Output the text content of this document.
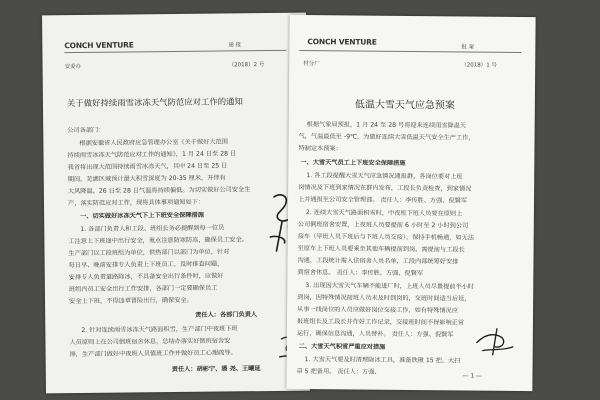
CONCH VENTURE	通 报
安委办	（2018）2 号
关于做好持续雨雪冰冻天气防范应对工作的通知
公司各部门：
根据安徽省人民政府应急管理办公室《关于做好大范围
持续雨雪冰冻天气防范应对工作的通知》，1 月 24 日至 28 日
我省将出现大范围持续雨雪冰冻天气，其中 24 日至 25 日
期间，芜湖区域预计最大积雪深度为 20-35 厘米，并伴有
大风降温、26 日至 28 日气温将持续偏低。为切实做好公司安全生
产，落实防范应对工作，现将具体事项通知如下：
一、切实做好冰冻天气下上下班安全保障措施
1. 各部门负责人和工段、班组长务必提醒到每一位员
工注意上下班途中出行安全，重点注意防寒防冻，确保员工安全。
生产部门以工段班组为单位，供热部门以部门为单位，针对
每日早、晚前安排专人负责上下班员工，及时排查问题，
安排专人负责道路除冰，不具备安全出行条件时，应做好
班组内员工安全出行工作安排，各部门一定要确保员工
安全上下班，不得违章冒险出行，确保安全。
责任人：各部门负责人
2. 针对连续雨雪冰冻天气路面积雪，生产部门中夜班下班
人员原则上在公司倒班宿舍休息，总结办落实好倒班宿舍安
排，生产部门做好中夜班人员值班工作并做好员工心理疏导。
责任人：胡彬宁、潘 尧、王曦延
CONCH VENTURE
报 案
材分厂	（2018）1 号
低温大雪天气应急预案
根据气象局预报，1 月 24 至 28 号将迎来连续雨雪降温天
气，气温最低至 -9℃，为做好连续大雪低温天气安全生产工作，
特制定本预案：
一、大雪天气员工上下班安全保障措施
1. 各工段提醒大雪天气应急情况通报群，各岗位要对上班
岗情况及下班到家情况在群内发布，工段长负责检查，到家情况
上并通报至公司安全管理部。 责任人：李传胜、方强、倪賢军
2. 连续大雪天气路面积雪时，中夜班下班人员要在原则上
公司倒班宿舍安置，上夜班人员要提前 6 小时至 2 小时到公司
接车（早班人员下班后与下班人员交接），保持手机畅通，如无法
至原车上下班人员要乘坐其他车辆提前到岗，需提前与工段长
沟通，工段统计需入住宿舍人员名单，工段内部统筹好安排
到宿舍休息。 责任人：李传胜、方强、倪賢军
3. 出现因大雪天气车辆不能进厂时，上班人员尽量提前半小时
到岗，因特殊情况接班人员未及时到岗的，交班时间适当后延，
从事一线岗位的人员应做好岗位交接工作，如有特殊情况应
报班组长及工段长并作好工作记录，交接班时间不得影响正常
运行，确保信息沟通，人员替补。 责任人：方强、倪賢军
二、大雪天气积雪严重应对措施
1. 大雪天气要及时清理除冰工具，准备铁锹 15 把、大扫
帚 5 把备用。 责任人：方强、
— 1 —
